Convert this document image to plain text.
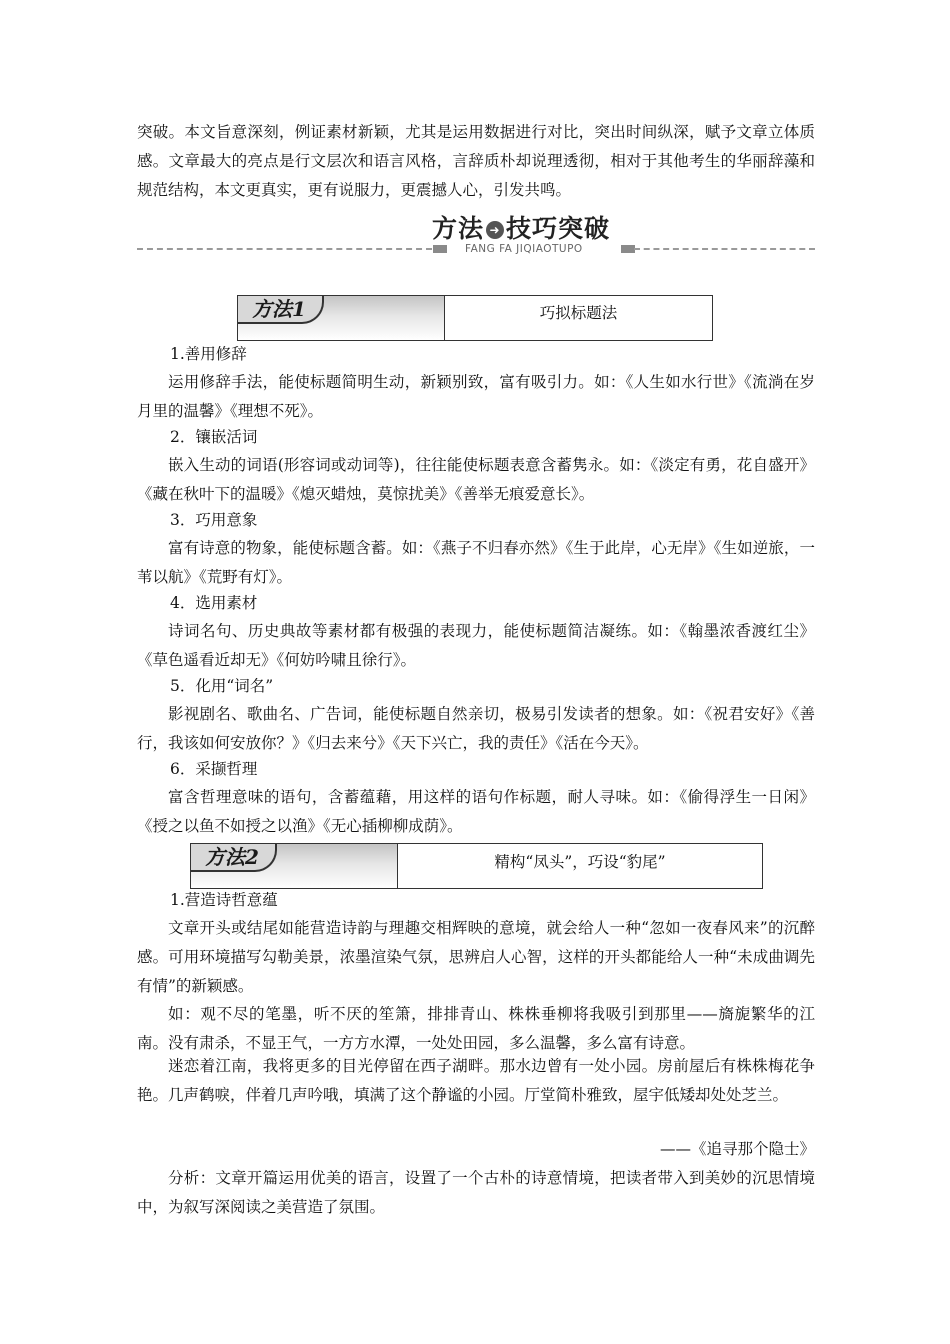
突破。本文旨意深刻，例证素材新颖，尤其是运用数据进行对比，突出时间纵深，赋予文章立体质感。文章最大的亮点是行文层次和语言风格，言辞质朴却说理透彻，相对于其他考生的华丽辞藻和规范结构，本文更真实，更有说服力，更震撼人心，引发共鸣。

方法 ➜ 技巧突破
FANG FA JIQIAOTUPO
方法1	巧拟标题法

1.善用修辞

运用修辞手法，能使标题简明生动，新颖别致，富有吸引力。如：《人生如水行世》《流淌在岁月里的温馨》《理想不死》。

2．镶嵌活词

嵌入生动的词语(形容词或动词等)，往往能使标题表意含蓄隽永。如：《淡定有勇，花自盛开》《藏在秋叶下的温暖》《熄灭蜡烛，莫惊扰美》《善举无痕爱意长》。

3．巧用意象

富有诗意的物象，能使标题含蓄。如：《燕子不归春亦然》《生于此岸，心无岸》《生如逆旅，一苇以航》《荒野有灯》。

4．选用素材

诗词名句、历史典故等素材都有极强的表现力，能使标题简洁凝练。如：《翰墨浓香渡红尘》《草色遥看近却无》《何妨吟啸且徐行》。

5．化用“词名”

影视剧名、歌曲名、广告词，能使标题自然亲切，极易引发读者的想象。如：《祝君安好》《善行，我该如何安放你？》《归去来兮》《天下兴亡，我的责任》《活在今天》。

6．采撷哲理

富含哲理意味的语句，含蓄蕴藉，用这样的语句作标题，耐人寻味。如：《偷得浮生一日闲》《授之以鱼不如授之以渔》《无心插柳柳成荫》。

方法2	精构“凤头”，巧设“豹尾”

1.营造诗哲意蕴

文章开头或结尾如能营造诗韵与理趣交相辉映的意境，就会给人一种“忽如一夜春风来”的沉醉感。可用环境描写勾勒美景，浓墨渲染气氛，思辨启人心智，这样的开头都能给人一种“未成曲调先有情”的新颖感。

如：观不尽的笔墨，听不厌的笙箫，排排青山、株株垂柳将我吸引到那里——旖旎繁华的江南。没有肃杀，不显王气，一方方水潭，一处处田园，多么温馨，多么富有诗意。

迷恋着江南，我将更多的目光停留在西子湖畔。那水边曾有一处小园。房前屋后有株株梅花争艳。几声鹤唳，伴着几声吟哦，填满了这个静谧的小园。厅堂简朴雅致，屋宇低矮却处处芝兰。

——《追寻那个隐士》

分析：文章开篇运用优美的语言，设置了一个古朴的诗意情境，把读者带入到美妙的沉思情境中，为叙写深阅读之美营造了氛围。
